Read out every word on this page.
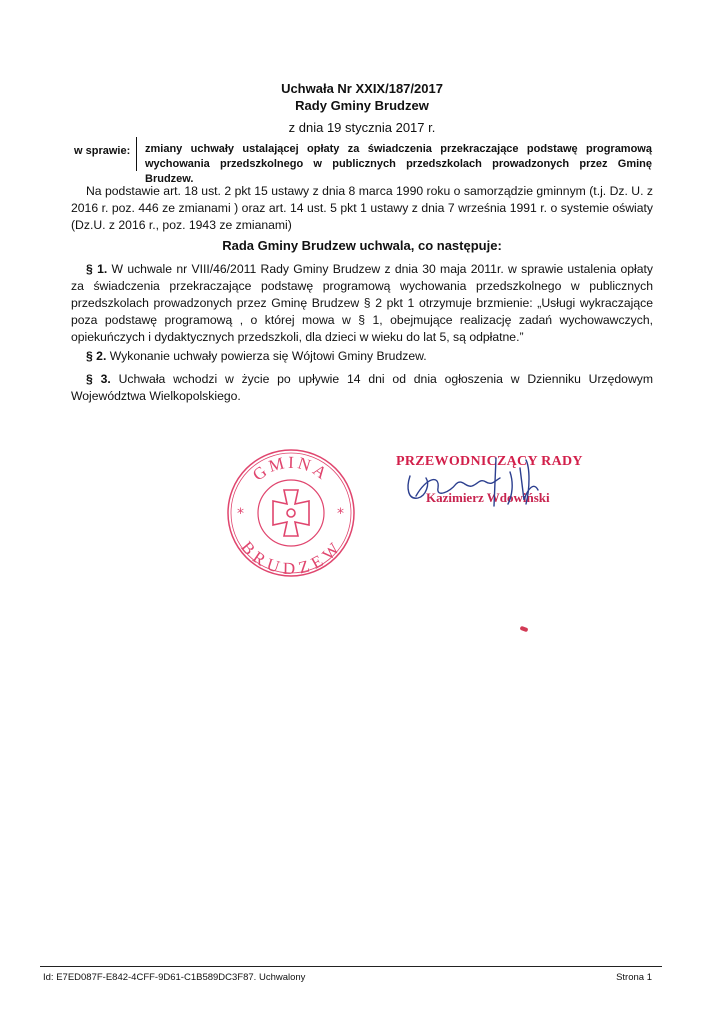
Uchwała Nr XXIX/187/2017
Rady Gminy Brudzew
z dnia 19 stycznia 2017 r.
w sprawie: zmiany uchwały ustalającej opłaty za świadczenia przekraczające podstawę programową wychowania przedszkolnego w publicznych przedszkolach prowadzonych przez Gminę Brudzew.
Na podstawie art. 18 ust. 2 pkt 15 ustawy z dnia 8 marca 1990 roku o samorządzie gminnym (t.j. Dz. U. z 2016 r. poz. 446 ze zmianami ) oraz art. 14 ust. 5 pkt 1 ustawy z dnia 7 września 1991 r. o systemie oświaty (Dz.U. z 2016 r., poz. 1943 ze zmianami)
Rada Gminy Brudzew uchwala, co następuje:
§ 1. W uchwale nr VIII/46/2011 Rady Gminy Brudzew z dnia 30 maja 2011r. w sprawie ustalenia opłaty za świadczenia przekraczające podstawę programową wychowania przedszkolnego w publicznych przedszkolach prowadzonych przez Gminę Brudzew § 2 pkt 1 otrzymuje brzmienie: „Usługi wykraczające poza podstawę programową , o której mowa w § 1, obejmujące realizację zadań wychowawczych, opiekuńczych i dydaktycznych przedszkoli, dla dzieci w wieku do lat 5, są odpłatne.”
§ 2. Wykonanie uchwały powierza się Wójtowi Gminy Brudzew.
§ 3. Uchwała wchodzi w życie po upływie 14 dni od dnia ogłoszenia w Dzienniku Urzędowym Województwa Wielkopolskiego.
GMINA
BRUDZEW
*	*
PRZEWODNICZĄCY RADY
Kazimierz Wdowiński
Id: E7ED087F-E842-4CFF-9D61-C1B589DC3F87. Uchwalony	Strona 1
